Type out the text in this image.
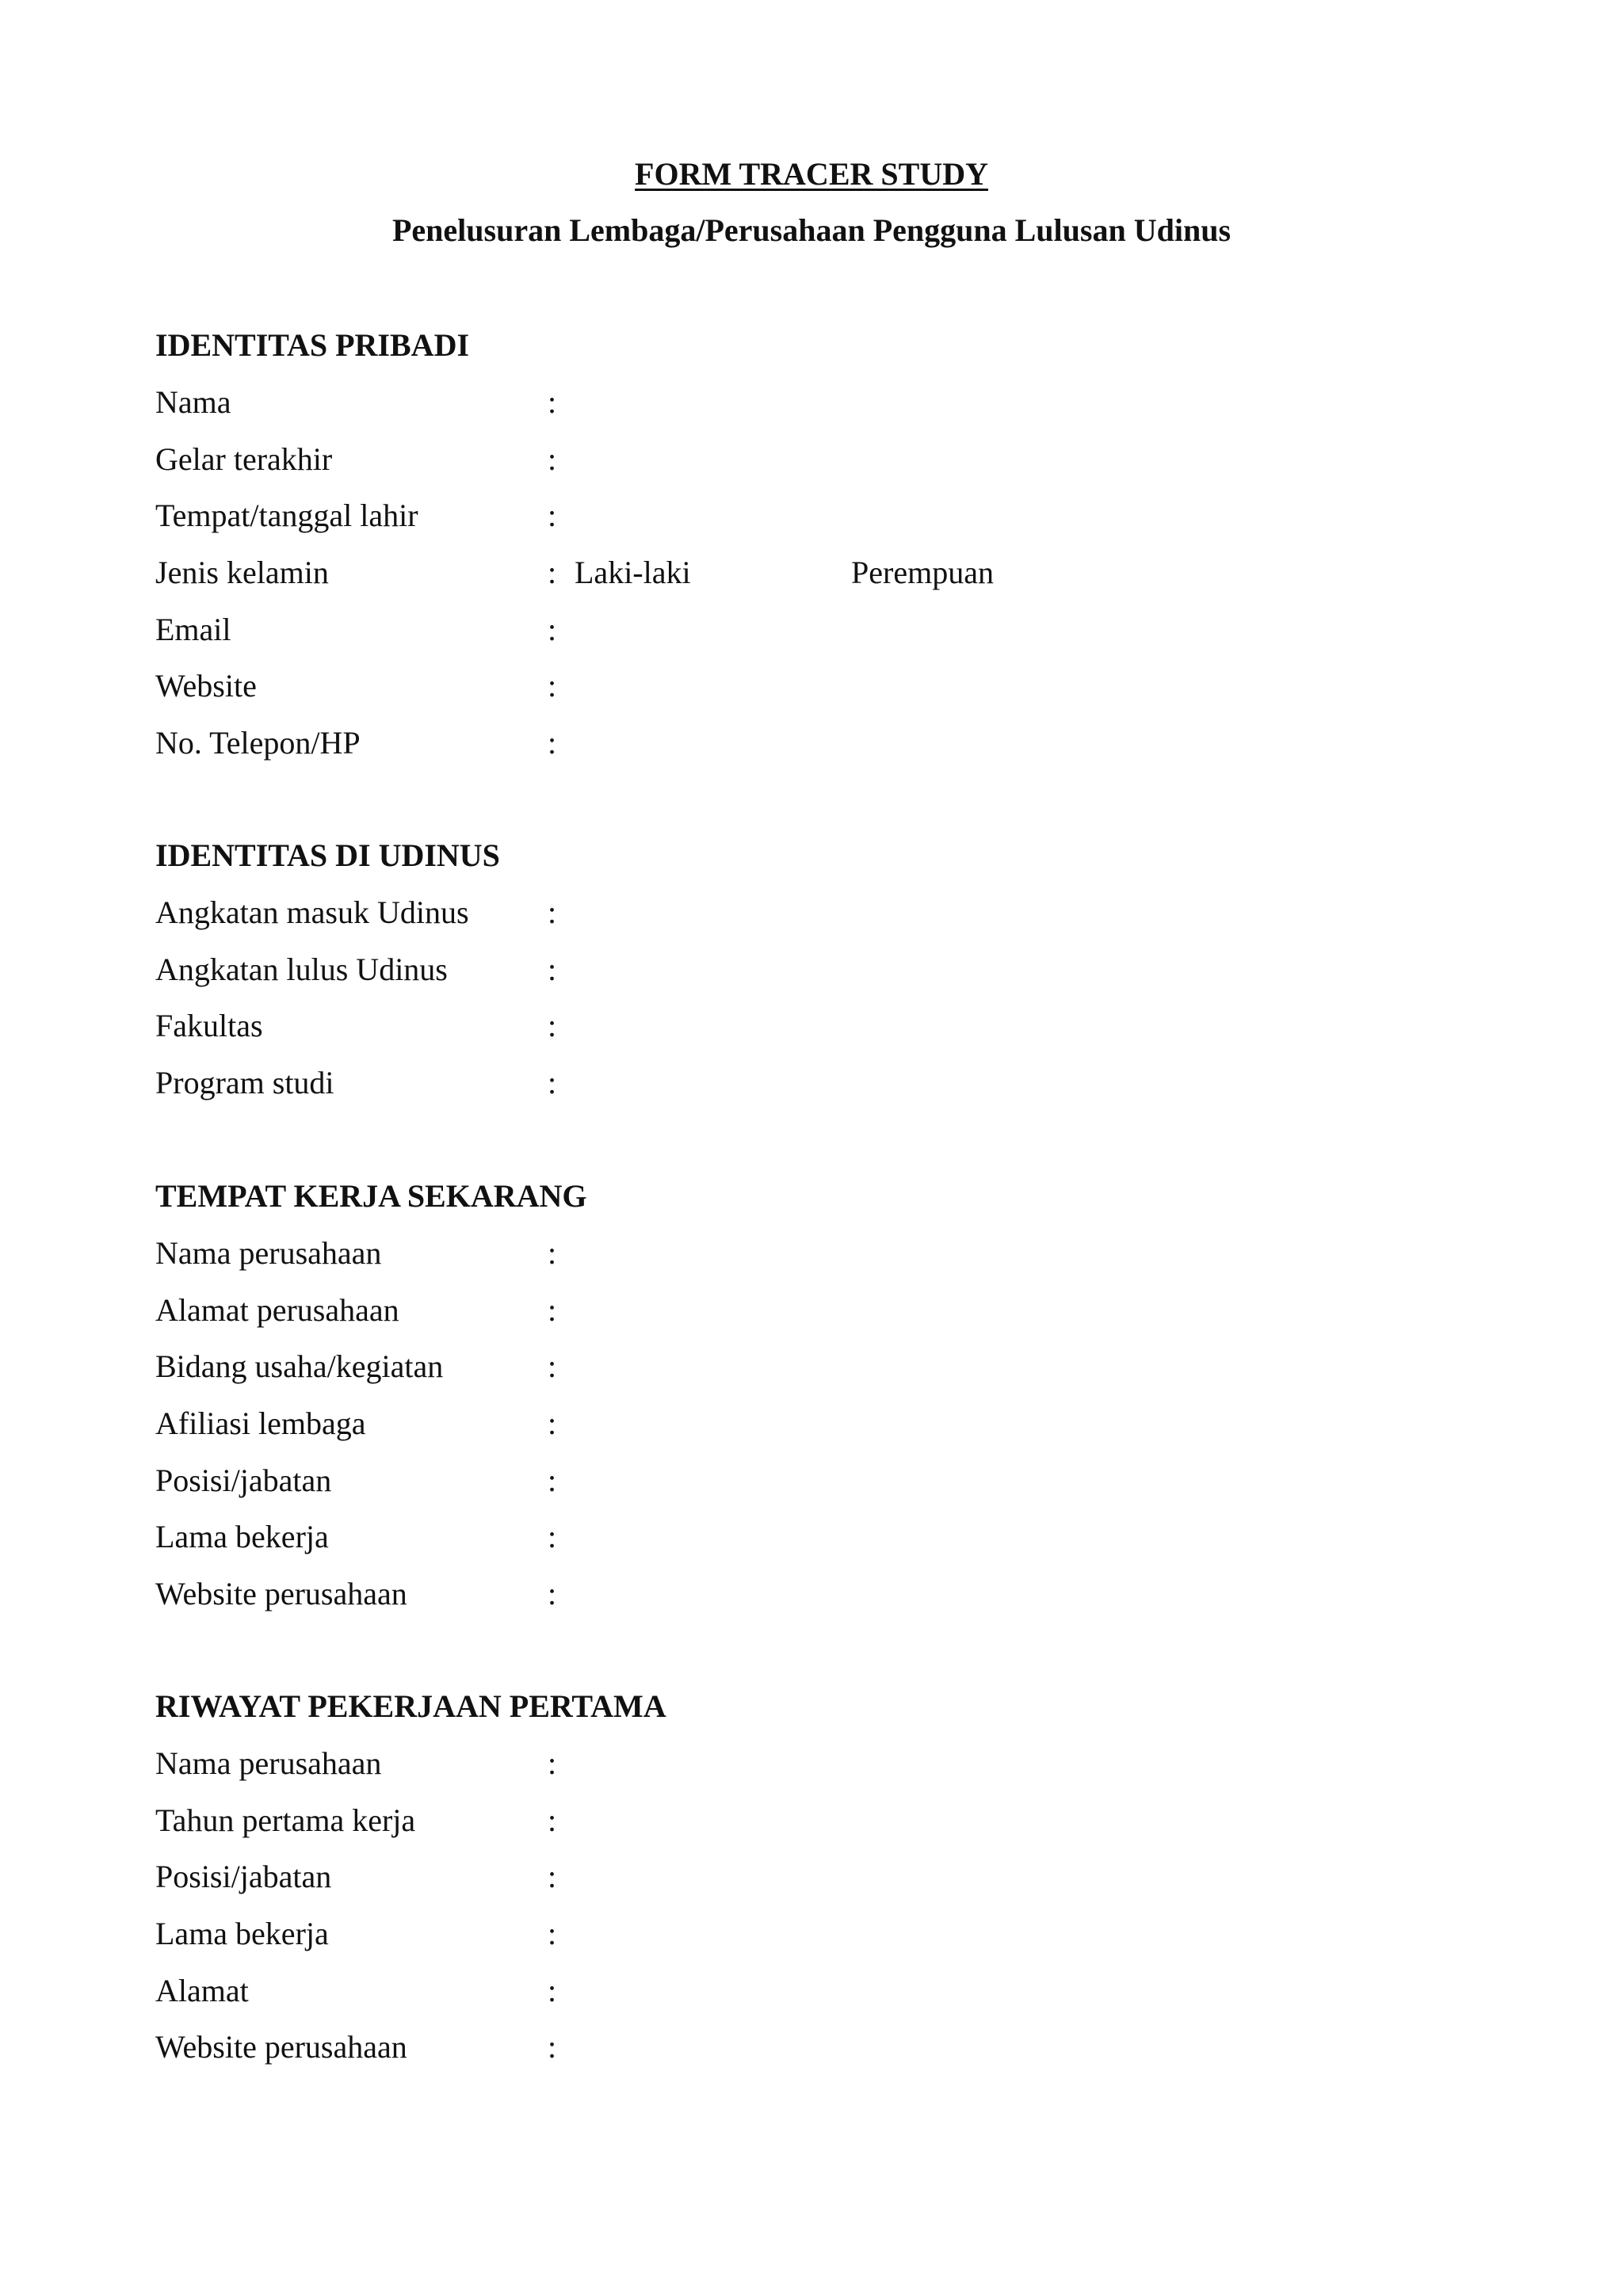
FORM TRACER STUDY
Penelusuran Lembaga/Perusahaan Pengguna Lulusan Udinus
IDENTITAS PRIBADI
Nama	:
Gelar terakhir	:
Tempat/tanggal lahir	:
Jenis kelamin	: Laki-laki	Perempuan
Email	:
Website	:
No. Telepon/HP	:
IDENTITAS DI UDINUS
Angkatan masuk Udinus :
Angkatan lulus Udinus	:
Fakultas	:
Program studi	:
TEMPAT KERJA SEKARANG
Nama perusahaan	:
Alamat perusahaan	:
Bidang usaha/kegiatan	:
Afiliasi lembaga	:
Posisi/jabatan	:
Lama bekerja	:
Website perusahaan	:
RIWAYAT PEKERJAAN PERTAMA
Nama perusahaan	:
Tahun pertama kerja	:
Posisi/jabatan	:
Lama bekerja	:
Alamat	:
Website perusahaan	:
